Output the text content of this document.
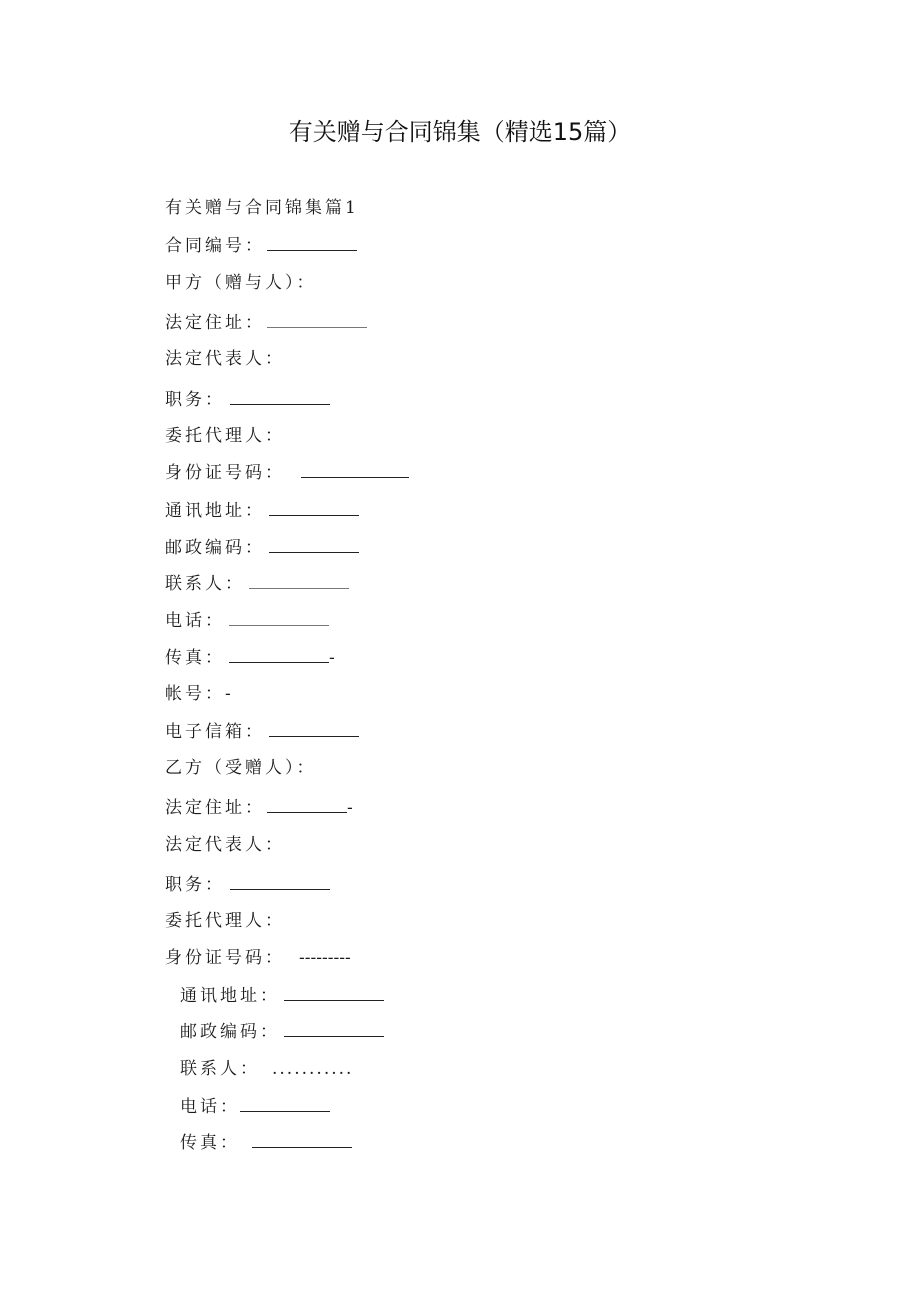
有关赠与合同锦集（精选15篇）
有关赠与合同锦集篇1
合同编号：
甲方（赠与人）：
法定住址：
法定代表人：
职务：
委托代理人：
身份证号码：
通讯地址：
邮政编码：
联系人：
电话：
传真：	-
帐号：-
电子信箱：
乙方（受赠人）：
法定住址：	-
法定代表人：
职务：
委托代理人：
身份证号码： ---------
通讯地址：
邮政编码：
联系人： ...........
电话：
传真：
